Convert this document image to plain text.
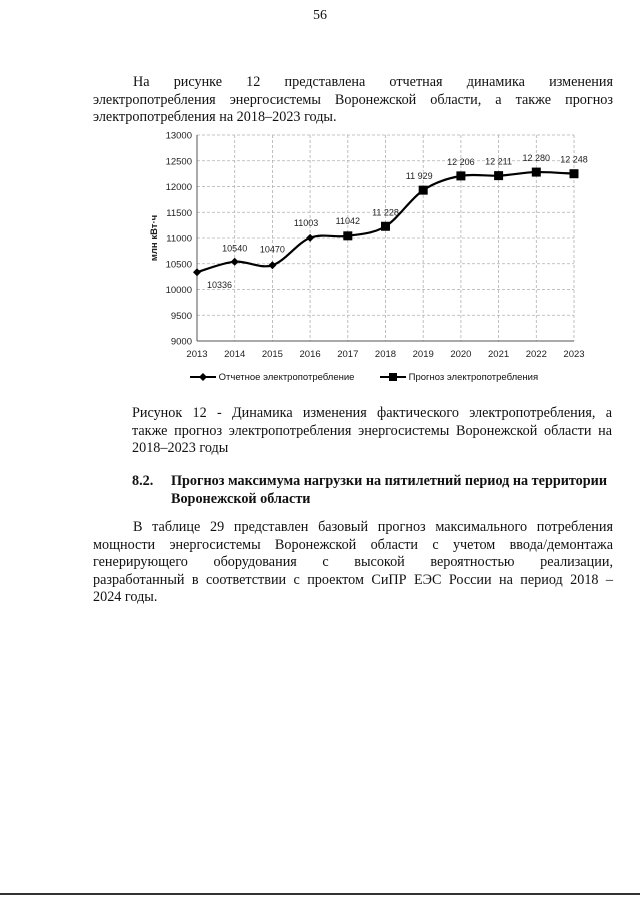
56
На рисунке 12 представлена отчетная динамика изменения
электропотребления энергосистемы Воронежской области, а также прогноз
электропотребления на 2018–2023 годы.
9000
9500
10000
10500
11000
11500
12000
12500
13000
2013 2014 2015 2016 2017 2018 2019 2020 2021 2022 2023
млн кВт·ч
10336
10540 10470
11003 11042
11 228
11 929
12 206 12 211 12 280 12 248
Отчетное электропотребление	Прогноз электропотребления
Рисунок 12 - Динамика изменения фактического электропотребления, а
также прогноз электропотребления энергосистемы Воронежской области на
2018–2023 годы
8.2. Прогноз максимума нагрузки на пятилетний период на территории Воронежской области
В таблице 29 представлен базовый прогноз максимального потребления
мощности энергосистемы Воронежской области с учетом ввода/демонтажа
генерирующего оборудования с высокой вероятностью реализации,
разработанный в соответствии с проектом СиПР ЕЭС России на период 2018 –
2024 годы.
